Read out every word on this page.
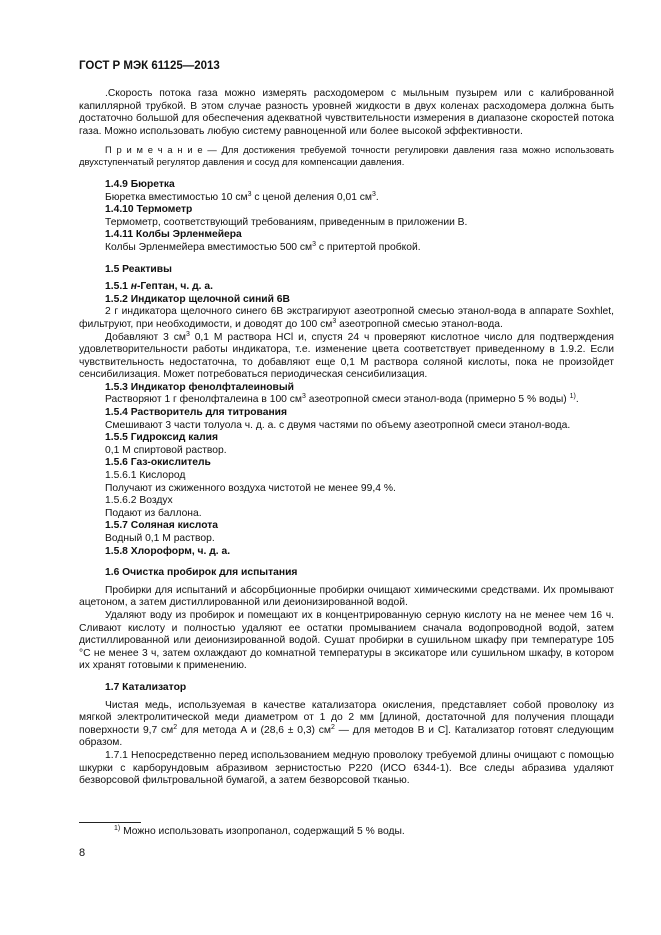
ГОСТ Р МЭК 61125—2013

.Скорость потока газа можно измерять расходомером с мыльным пузырем или с калиброванной капиллярной трубкой. В этом случае разность уровней жидкости в двух коленах расходомера должна быть достаточно большой для обеспечения адекватной чувствительности измерения в диапазоне скоростей потока газа. Можно использовать любую систему равноценной или более высокой эффективности.

П р и м е ч а н и е — Для достижения требуемой точности регулировки давления газа можно использовать двухступенчатый регулятор давления и сосуд для компенсации давления.

1.4.9 Бюретка

Бюретка вместимостью 10 $см^3$ с ценой деления 0,01 $см^3$.

1.4.10 Термометр

Термометр, соответствующий требованиям, приведенным в приложении В.

1.4.11 Колбы Эрленмейера

Колбы Эрленмейера вместимостью 500 $см^3$ с притертой пробкой.

1.5 Реактивы

1.5.1 н-Гептан, ч. д. а.

1.5.2 Индикатор щелочной синий 6В

2 г индикатора щелочного синего 6В экстрагируют азеотропной смесью этанол-вода в аппарате Soxhlet, фильтруют, при необходимости, и доводят до 100 $см^3$ азеотропной смесью этанол-вода.

Добавляют 3 $см^3$ 0,1 М раствора HCl и, спустя 24 ч проверяют кислотное число для подтверждения удовлетворительности работы индикатора, т.е. изменение цвета соответствует приведенному в 1.9.2. Если чувствительность недостаточна, то добавляют еще 0,1 М раствора соляной кислоты, пока не произойдет сенсибилизация. Может потребоваться периодическая сенсибилизация.

1.5.3 Индикатор фенолфталеиновый

Растворяют 1 г фенолфталеина в 100 $см^3$ азеотропной смеси этанол-вода (примерно 5 % воды) $^{1)}$.

1.5.4 Растворитель для титрования

Смешивают 3 части толуола ч. д. а. с двумя частями по объему азеотропной смеси этанол-вода.

1.5.5 Гидроксид калия

0,1 М спиртовой раствор.

1.5.6 Газ-окислитель

1.5.6.1 Кислород

Получают из сжиженного воздуха чистотой не менее 99,4 %.

1.5.6.2 Воздух

Подают из баллона.

1.5.7 Соляная кислота

Водный 0,1 М раствор.

1.5.8 Хлороформ, ч. д. а.

1.6 Очистка пробирок для испытания

Пробирки для испытаний и абсорбционные пробирки очищают химическими средствами. Их промывают ацетоном, а затем дистиллированной или деионизированной водой.

Удаляют воду из пробирок и помещают их в концентрированную серную кислоту на не менее чем 16 ч. Сливают кислоту и полностью удаляют ее остатки промыванием сначала водопроводной водой, затем дистиллированной или деионизированной водой. Сушат пробирки в сушильном шкафу при температуре 105 °С не менее 3 ч, затем охлаждают до комнатной температуры в эксикаторе или сушильном шкафу, в котором их хранят готовыми к применению.

1.7 Катализатор

Чистая медь, используемая в качестве катализатора окисления, представляет собой проволоку из мягкой электролитической меди диаметром от 1 до 2 мм [длиной, достаточной для получения площади поверхности 9,7 $см^2$ для метода А и (28,6 ± 0,3) $см^2$ — для методов В и С]. Катализатор готовят следующим образом.

1.7.1 Непосредственно перед использованием медную проволоку требуемой длины очищают с помощью шкурки с карборундовым абразивом зернистостью Р220 (ИСО 6344-1). Все следы абразива удаляют безворсовой фильтровальной бумагой, а затем безворсовой тканью.

$^{1)}$ Можно использовать изопропанол, содержащий 5 % воды.

8
